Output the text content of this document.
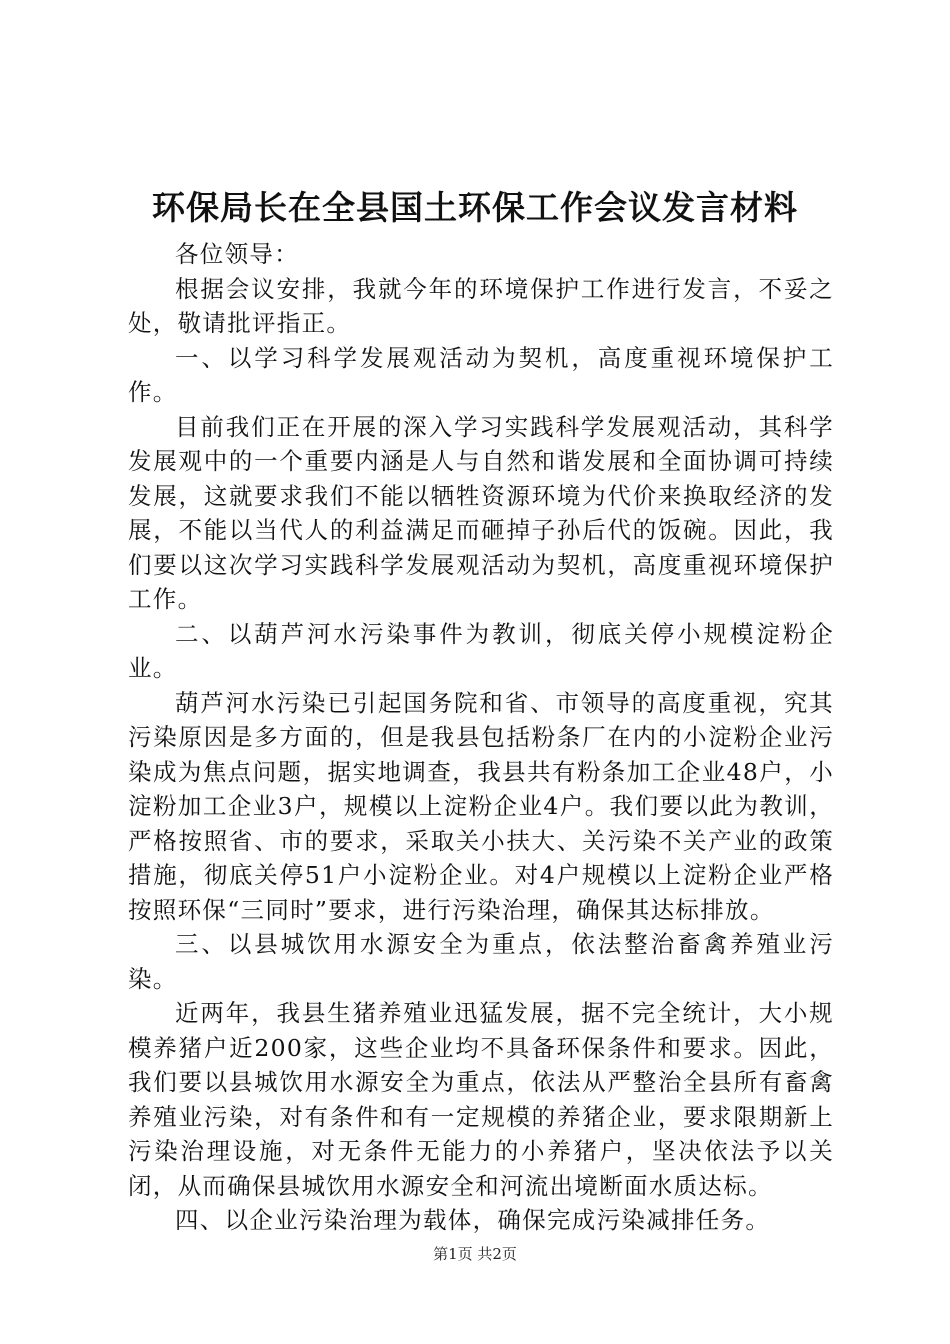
环保局长在全县国土环保工作会议发言材料

各位领导：

根据会议安排，我就今年的环境保护工作进行发言，不妥之处，敬请批评指正。

一、以学习科学发展观活动为契机，高度重视环境保护工作。

目前我们正在开展的深入学习实践科学发展观活动，其科学发展观中的一个重要内涵是人与自然和谐发展和全面协调可持续发展，这就要求我们不能以牺牲资源环境为代价来换取经济的发展，不能以当代人的利益满足而砸掉子孙后代的饭碗。因此，我们要以这次学习实践科学发展观活动为契机，高度重视环境保护工作。

二、以葫芦河水污染事件为教训，彻底关停小规模淀粉企业。

葫芦河水污染已引起国务院和省、市领导的高度重视，究其污染原因是多方面的，但是我县包括粉条厂在内的小淀粉企业污染成为焦点问题，据实地调查，我县共有粉条加工企业48户，小淀粉加工企业3户，规模以上淀粉企业4户。我们要以此为教训，严格按照省、市的要求，采取关小扶大、关污染不关产业的政策措施，彻底关停51户小淀粉企业。对4户规模以上淀粉企业严格按照环保“三同时”要求，进行污染治理，确保其达标排放。

三、以县城饮用水源安全为重点，依法整治畜禽养殖业污染。

近两年，我县生猪养殖业迅猛发展，据不完全统计，大小规模养猪户近200家，这些企业均不具备环保条件和要求。因此，我们要以县城饮用水源安全为重点，依法从严整治全县所有畜禽养殖业污染，对有条件和有一定规模的养猪企业，要求限期新上污染治理设施，对无条件无能力的小养猪户，坚决依法予以关闭，从而确保县城饮用水源安全和河流出境断面水质达标。

四、以企业污染治理为载体，确保完成污染减排任务。

第1页 共2页
